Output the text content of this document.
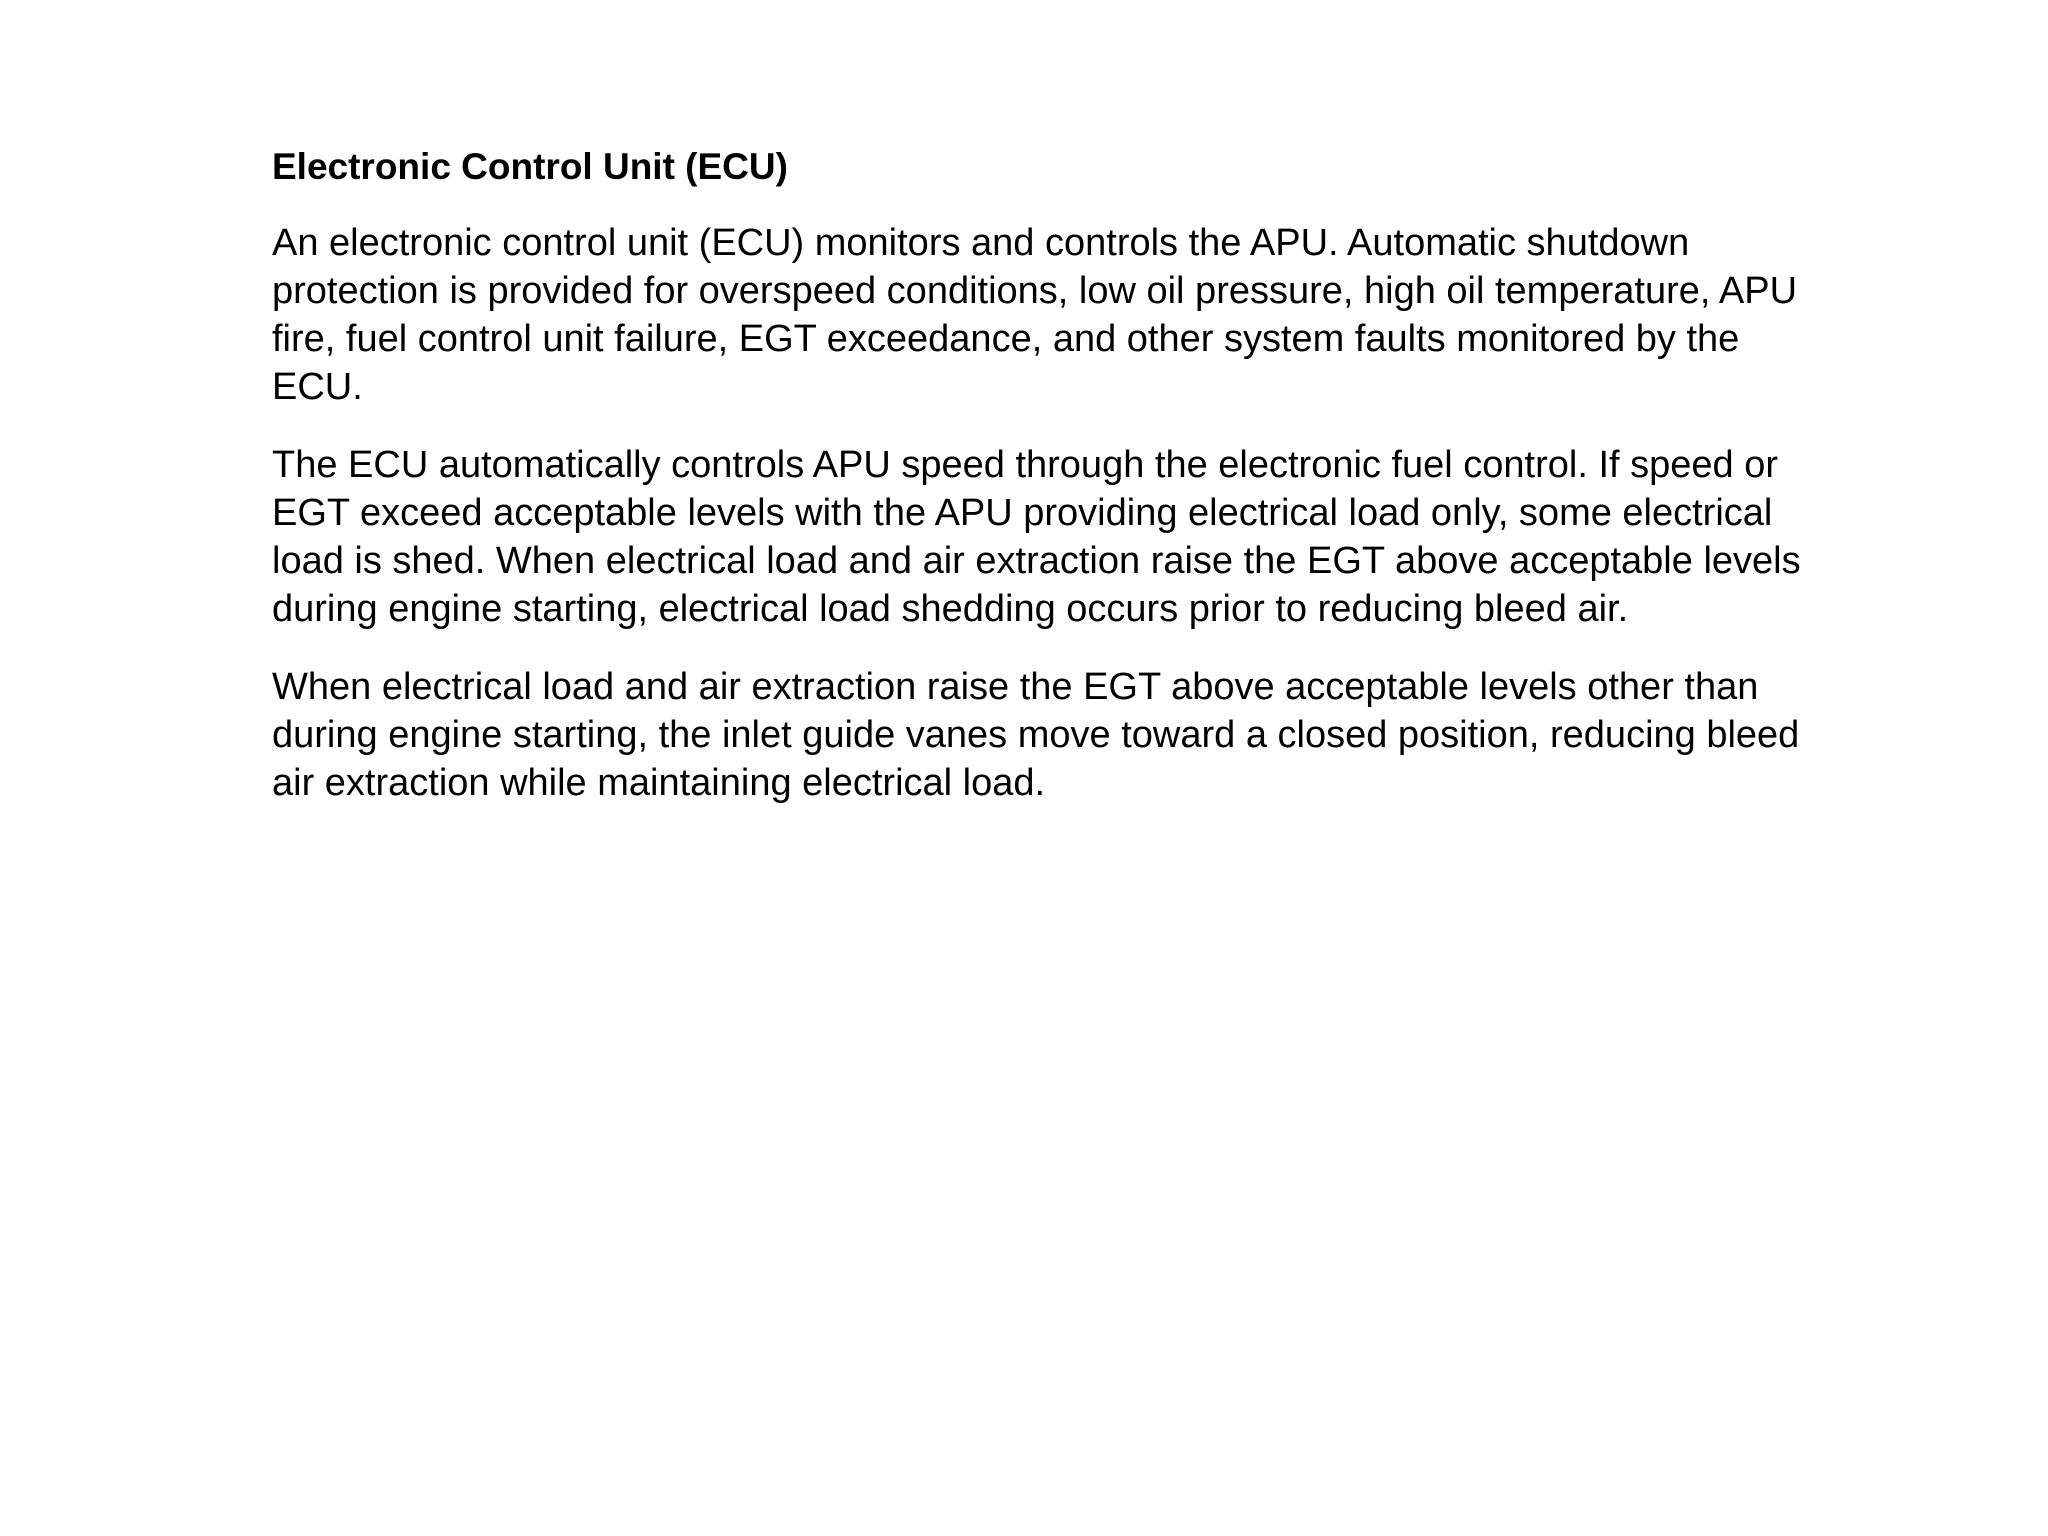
Electronic Control Unit (ECU)

An electronic control unit (ECU) monitors and controls the APU. Automatic shutdown protection is provided for overspeed conditions, low oil pressure, high oil temperature, APU fire, fuel control unit failure, EGT exceedance, and other system faults monitored by the ECU.

The ECU automatically controls APU speed through the electronic fuel control. If speed or EGT exceed acceptable levels with the APU providing electrical load only, some electrical load is shed. When electrical load and air extraction raise the EGT above acceptable levels during engine starting, electrical load shedding occurs prior to reducing bleed air.

When electrical load and air extraction raise the EGT above acceptable levels other than during engine starting, the inlet guide vanes move toward a closed position, reducing bleed air extraction while maintaining electrical load.
